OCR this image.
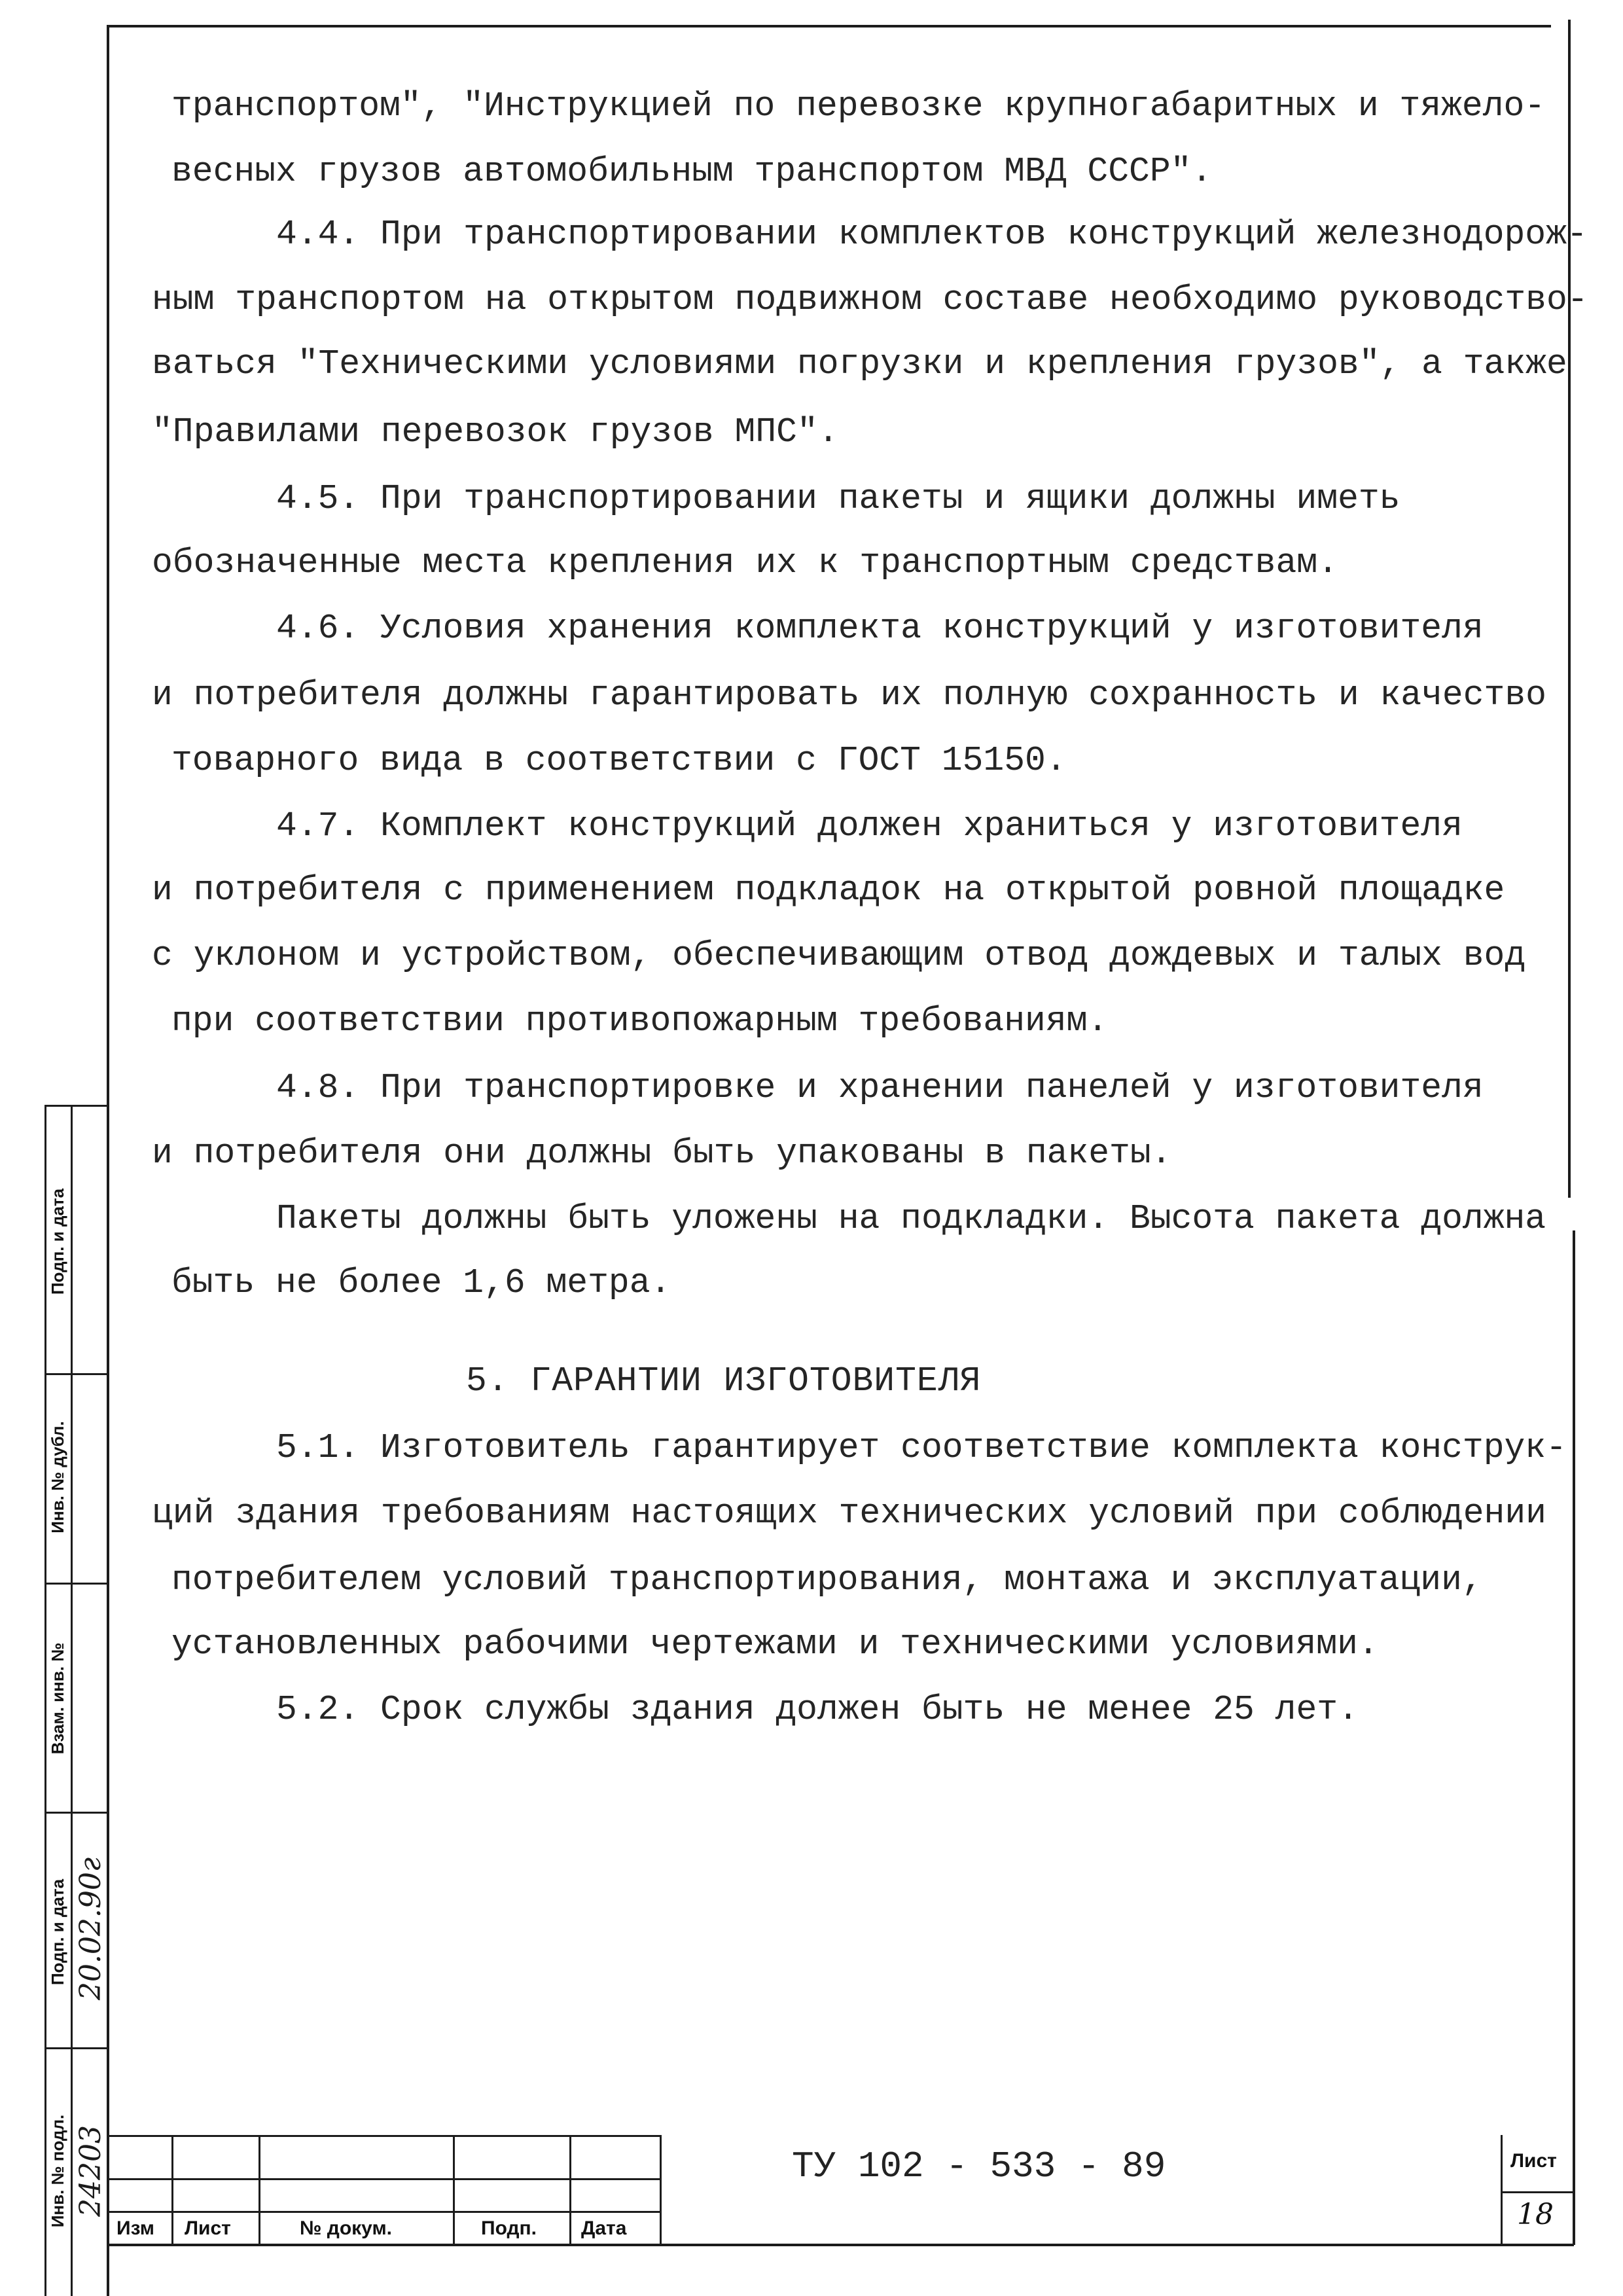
транспортом", "Инструкцией по перевозке крупногабаритных и тяжело-
весных грузов автомобильным транспортом МВД СССР".
4.4. При транспортировании комплектов конструкций железнодорож-
ным транспортом на открытом подвижном составе необходимо руководство-
ваться "Техническими условиями погрузки и крепления грузов", а также
"Правилами перевозок грузов МПС".
4.5. При транспортировании пакеты и ящики должны иметь
обозначенные места крепления их к транспортным средствам.
4.6. Условия хранения комплекта конструкций у изготовителя
и потребителя должны гарантировать их полную сохранность и качество
товарного вида в соответствии с ГОСТ 15150.
4.7. Комплект конструкций должен храниться у изготовителя
и потребителя с применением подкладок на открытой ровной площадке
с уклоном и устройством, обеспечивающим отвод дождевых и талых вод
при соответствии противопожарным требованиям.
4.8. При транспортировке и хранении панелей у изготовителя
и потребителя они должны быть упакованы в пакеты.
Пакеты должны быть уложены на подкладки. Высота пакета должна
быть не более 1,6 метра.
5. ГАРАНТИИ ИЗГОТОВИТЕЛЯ
5.1. Изготовитель гарантирует соответствие комплекта конструк-
ций здания требованиям настоящих технических условий при соблюдении
потребителем условий транспортирования, монтажа и эксплуатации,
установленных рабочими чертежами и техническими условиями.
5.2. Срок службы здания должен быть не менее 25 лет.
Подп. и дата
Инв. № дубл.
Взам. инв. №
Подп. и дата
Инв. № подл.
20.02.90г
24203
Изм Лист	№ докум.	Подп. Дата
ТУ 102 - 533 - 89	Лист
18
